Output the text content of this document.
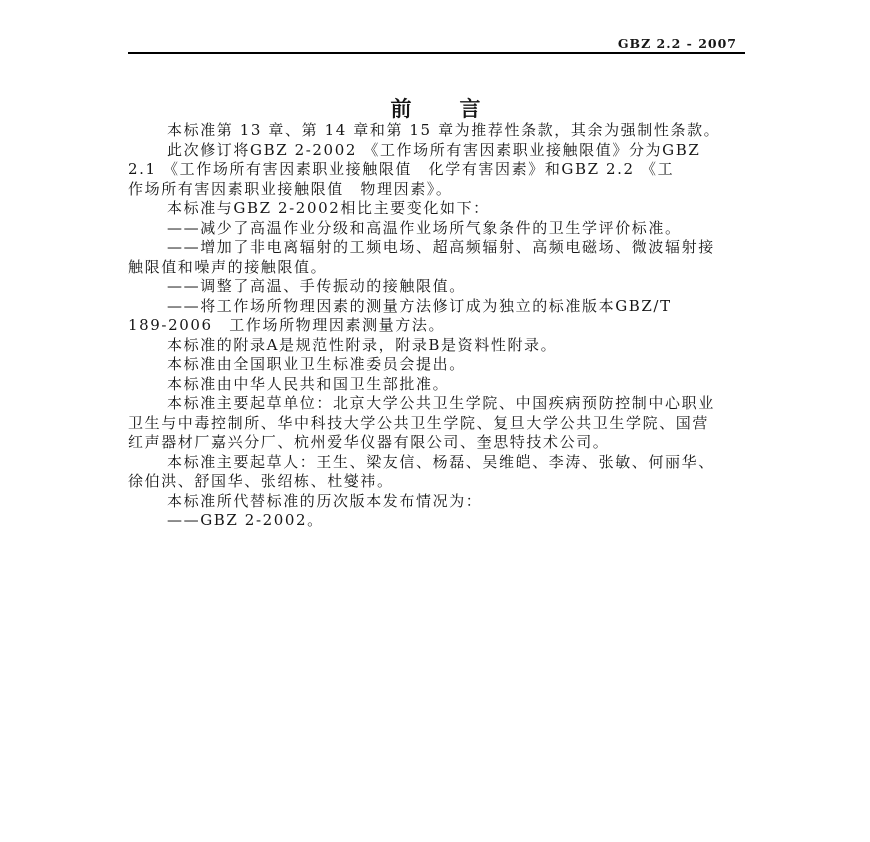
GBZ 2.2 - 2007
前　　言
本标准第 13 章、第 14 章和第 15 章为推荐性条款，其余为强制性条款。
此次修订将GBZ 2-2002 《工作场所有害因素职业接触限值》分为GBZ
2.1 《工作场所有害因素职业接触限值　化学有害因素》和GBZ 2.2 《工
作场所有害因素职业接触限值　物理因素》。
本标准与GBZ 2-2002相比主要变化如下：
——减少了高温作业分级和高温作业场所气象条件的卫生学评价标准。
——增加了非电离辐射的工频电场、超高频辐射、高频电磁场、微波辐射接
触限值和噪声的接触限值。
——调整了高温、手传振动的接触限值。
——将工作场所物理因素的测量方法修订成为独立的标准版本GBZ/T
189-2006　工作场所物理因素测量方法。
本标准的附录A是规范性附录，附录B是资料性附录。
本标准由全国职业卫生标准委员会提出。
本标准由中华人民共和国卫生部批准。
本标准主要起草单位：北京大学公共卫生学院、中国疾病预防控制中心职业
卫生与中毒控制所、华中科技大学公共卫生学院、复旦大学公共卫生学院、国营
红声器材厂嘉兴分厂、杭州爱华仪器有限公司、奎思特技术公司。
本标准主要起草人：王生、梁友信、杨磊、吴维皑、李涛、张敏、何丽华、
徐伯洪、舒国华、张绍栋、杜燮祎。
本标准所代替标准的历次版本发布情况为：
——GBZ 2-2002。
